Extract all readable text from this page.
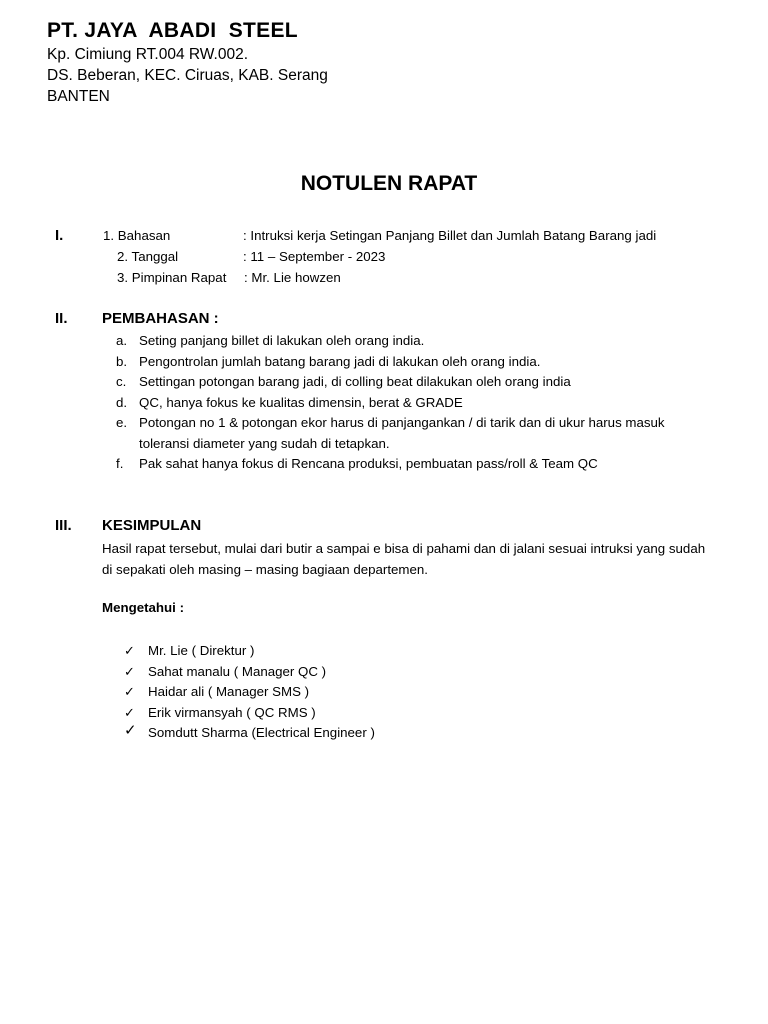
PT. JAYA  ABADI  STEEL
Kp. Cimiung RT.004 RW.002.
DS. Beberan, KEC. Ciruas, KAB. Serang
BANTEN
NOTULEN RAPAT
I.	1. Bahasan	: Intruksi kerja Setingan Panjang Billet dan Jumlah Batang Barang jadi
2. Tanggal	: 11 – September - 2023
3. Pimpinan Rapat : Mr. Lie howzen
II. PEMBAHASAN :
a. Seting panjang billet di lakukan oleh orang india.
b. Pengontrolan jumlah batang barang jadi di lakukan oleh orang india.
c. Settingan potongan barang jadi, di colling beat dilakukan oleh orang india
d. QC, hanya fokus ke kualitas dimensin, berat & GRADE
e. Potongan no 1 & potongan ekor harus di panjangankan / di tarik dan di ukur harus masuk toleransi diameter yang sudah di tetapkan.
f. Pak sahat hanya fokus di Rencana produksi, pembuatan pass/roll & Team QC
III. KESIMPULAN
Hasil rapat tersebut, mulai dari butir a sampai e bisa di pahami dan di jalani sesuai intruksi yang sudah di sepakati oleh masing – masing bagiaan departemen.
Mengetahui :
✓ Mr. Lie ( Direktur )
✓ Sahat manalu ( Manager QC )
✓ Haidar ali ( Manager SMS )
✓ Erik virmansyah ( QC RMS )
✓ Somdutt Sharma (Electrical Engineer )
